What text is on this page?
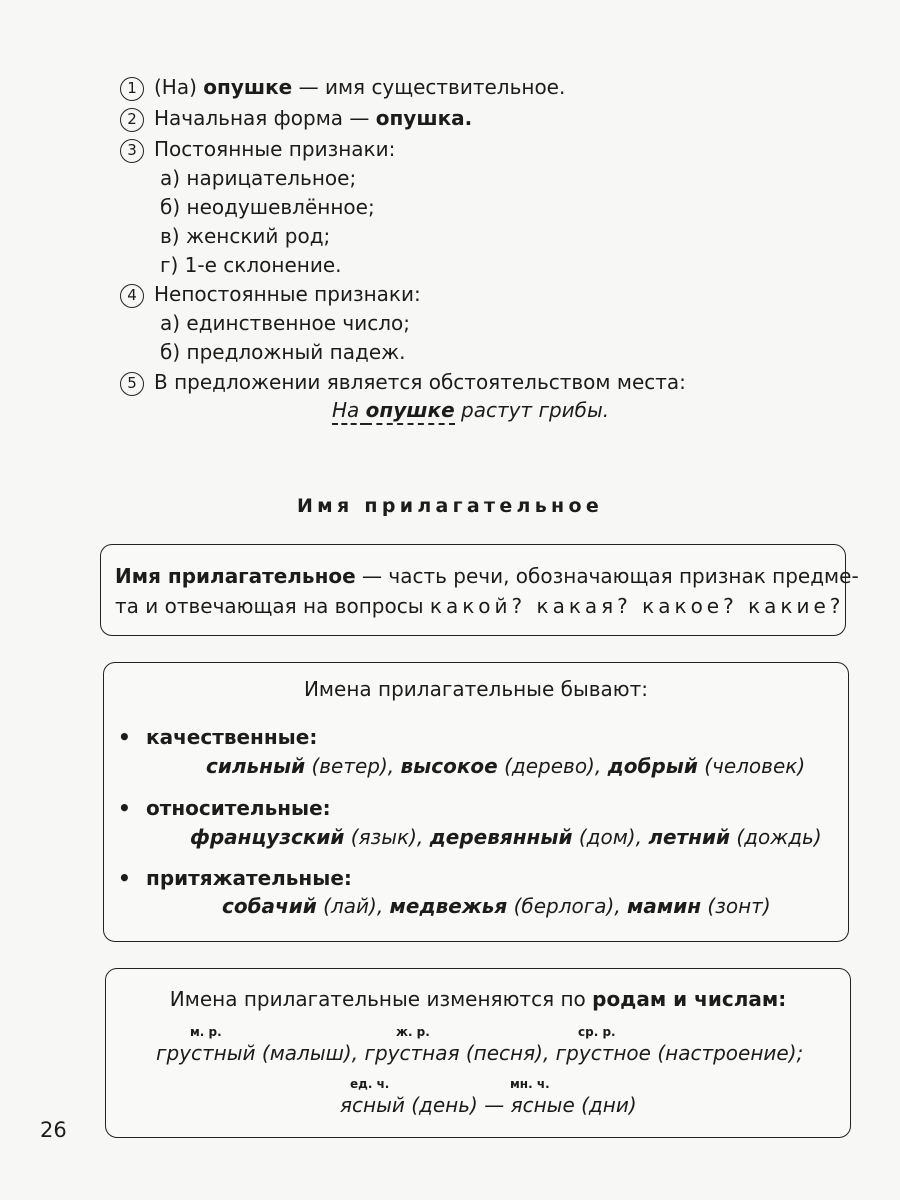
1 (На) опушке — имя существительное.
2 Начальная форма — опушка.
3 Постоянные признаки:
а) нарицательное;
б) неодушевлённое;
в) женский род;
г) 1-е склонение.
4 Непостоянные признаки:
а) единственное число;
б) предложный падеж.
5 В предложении является обстоятельством места:
На опушке растут грибы.
Имя прилагательное
Имя прилагательное — часть речи, обозначающая признак предме-
та и отвечающая на вопросы какой? какая? какое? какие?
Имена прилагательные бывают:
• качественные:
сильный (ветер), высокое (дерево), добрый (человек)
• относительные:
французский (язык), деревянный (дом), летний (дождь)
• притяжательные:
собачий (лай), медвежья (берлога), мамин (зонт)
Имена прилагательные изменяются по родам и числам:
м. р.	ж. р.	ср. р.
грустный (малыш), грустная (песня), грустное (настроение);
ед. ч.	мн. ч.
ясный (день) — ясные (дни)
26
